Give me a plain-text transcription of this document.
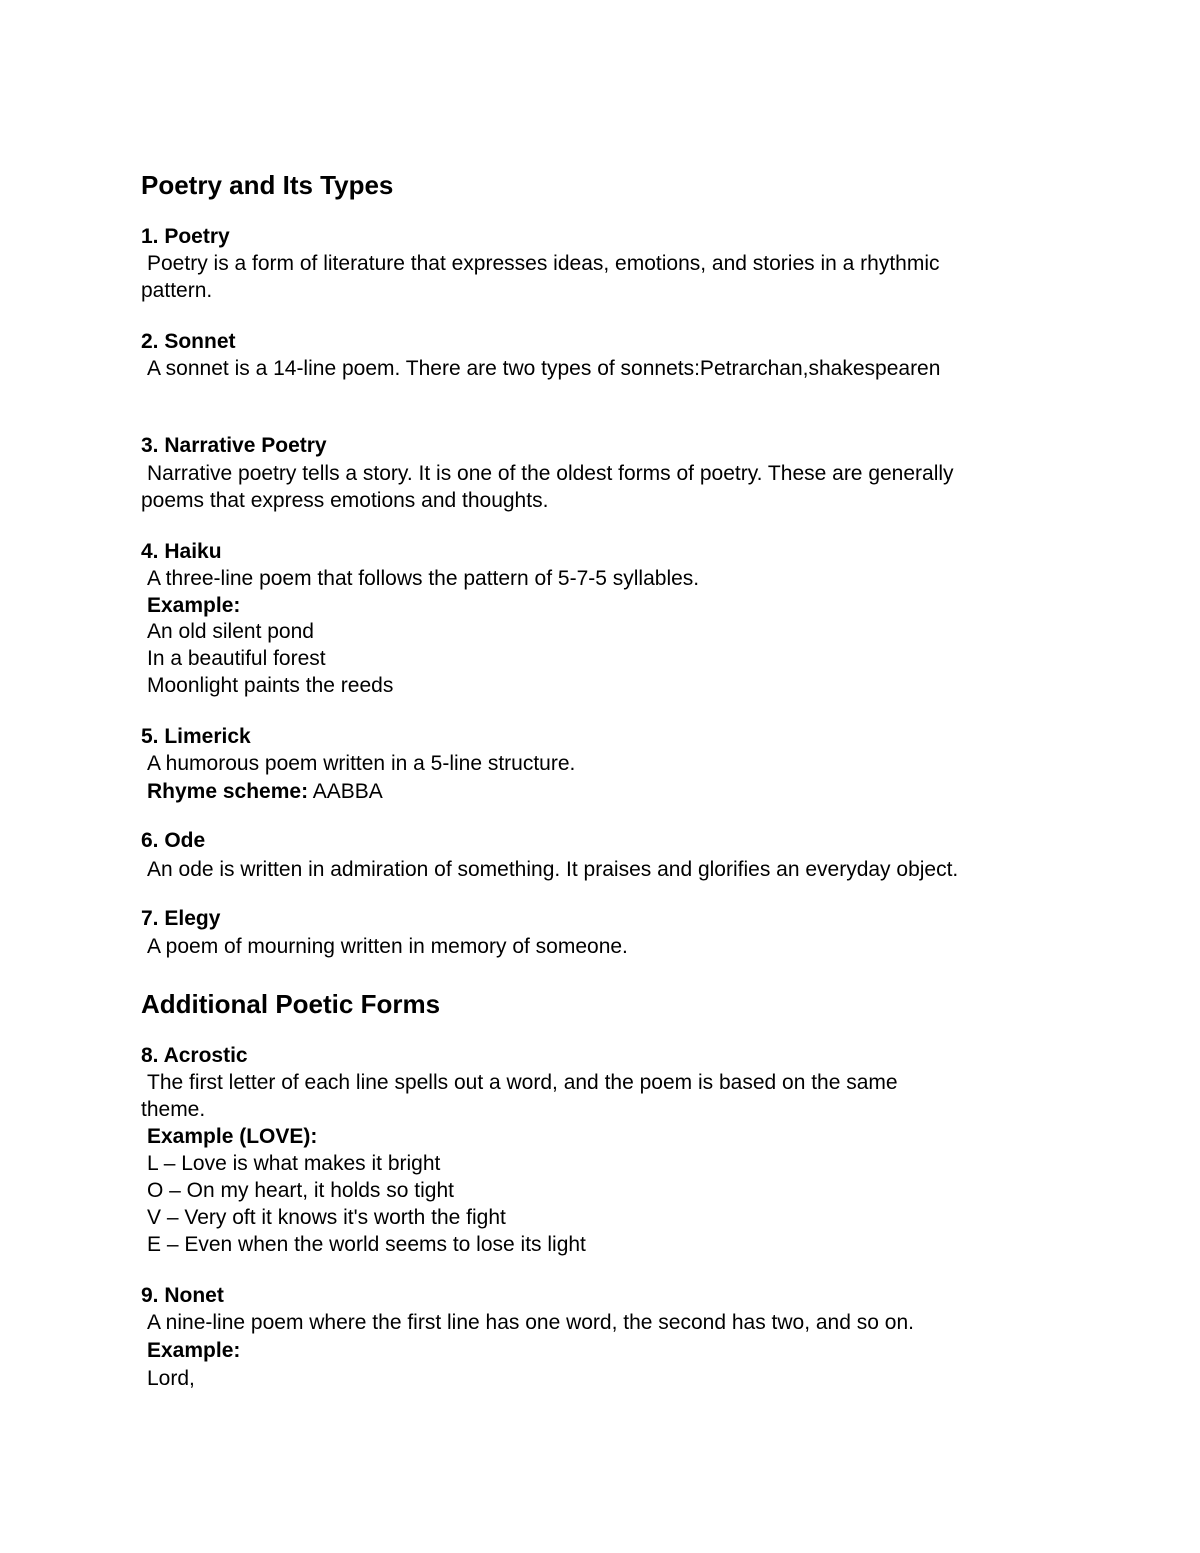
Poetry and Its Types
1. Poetry
Poetry is a form of literature that expresses ideas, emotions, and stories in a rhythmic
pattern.
2. Sonnet
A sonnet is a 14-line poem. There are two types of sonnets:Petrarchan,shakespearen
3. Narrative Poetry
Narrative poetry tells a story. It is one of the oldest forms of poetry. These are generally
poems that express emotions and thoughts.
4. Haiku
A three-line poem that follows the pattern of 5-7-5 syllables.
Example:
An old silent pond
In a beautiful forest
Moonlight paints the reeds
5. Limerick
A humorous poem written in a 5-line structure.
Rhyme scheme: AABBA
6. Ode
An ode is written in admiration of something. It praises and glorifies an everyday object.
7. Elegy
A poem of mourning written in memory of someone.
Additional Poetic Forms
8. Acrostic
The first letter of each line spells out a word, and the poem is based on the same
theme.
Example (LOVE):
L – Love is what makes it bright
O – On my heart, it holds so tight
V – Very oft it knows it's worth the fight
E – Even when the world seems to lose its light
9. Nonet
A nine-line poem where the first line has one word, the second has two, and so on.
Example:
Lord,
